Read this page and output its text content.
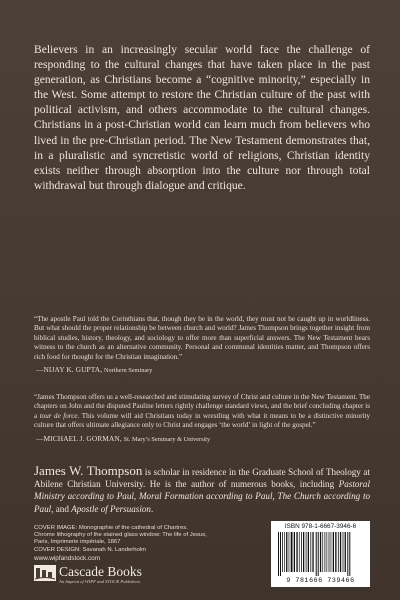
Believers in an increasingly secular world face the challenge of responding to the cultural changes that have taken place in the past generation, as Christians become a “cognitive minority,” especially in the West. Some attempt to restore the Christian culture of the past with political activism, and others accommodate to the cultural changes. Christians in a post-Christian world can learn much from believers who lived in the pre-Christian period. The New Testament demonstrates that, in a pluralistic and syncretistic world of religions, Christian identity exists neither through absorption into the culture nor through total withdrawal but through dialogue and critique.

“The apostle Paul told the Corinthians that, though they be in the world, they must not be caught up in worldliness. But what should the proper relationship be between church and world? James Thompson brings together insight from biblical studies, history, theology, and sociology to offer more than superficial answers. The New Testament bears witness to the church as an alternative community. Personal and communal identities matter, and Thompson offers rich food for thought for the Christian imagination.”

—NIJAY K. GUPTA, Northern Seminary

“James Thompson offers us a well-researched and stimulating survey of Christ and culture in the New Testament. The chapters on John and the disputed Pauline letters rightly challenge standard views, and the brief concluding chapter is a tour de force. This volume will aid Christians today in wrestling with what it means to be a distinctive minority culture that offers ultimate allegiance only to Christ and engages ‘the world’ in light of the gospel.”

—MICHAEL J. GORMAN, St. Mary’s Seminary & University

James W. Thompson is scholar in residence in the Graduate School of Theology at Abilene Christian University. He is the author of numerous books, including Pastoral Ministry according to Paul, Moral Formation according to Paul, The Church according to Paul, and Apostle of Persuasion.
COVER IMAGE: Monographie of the cathedral of Chartres.
Chrome lithography of the stained glass window: The life of Jesus,
Paris, Imprimerie impériale, 1867
COVER DESIGN: Savanah N. Landerholm
www.wipfandstock.com
Cascade Books
An Imprint of WIPF and STOCK Publishers
ISBN 978-1-6667-3946-6
9 781666 739466
